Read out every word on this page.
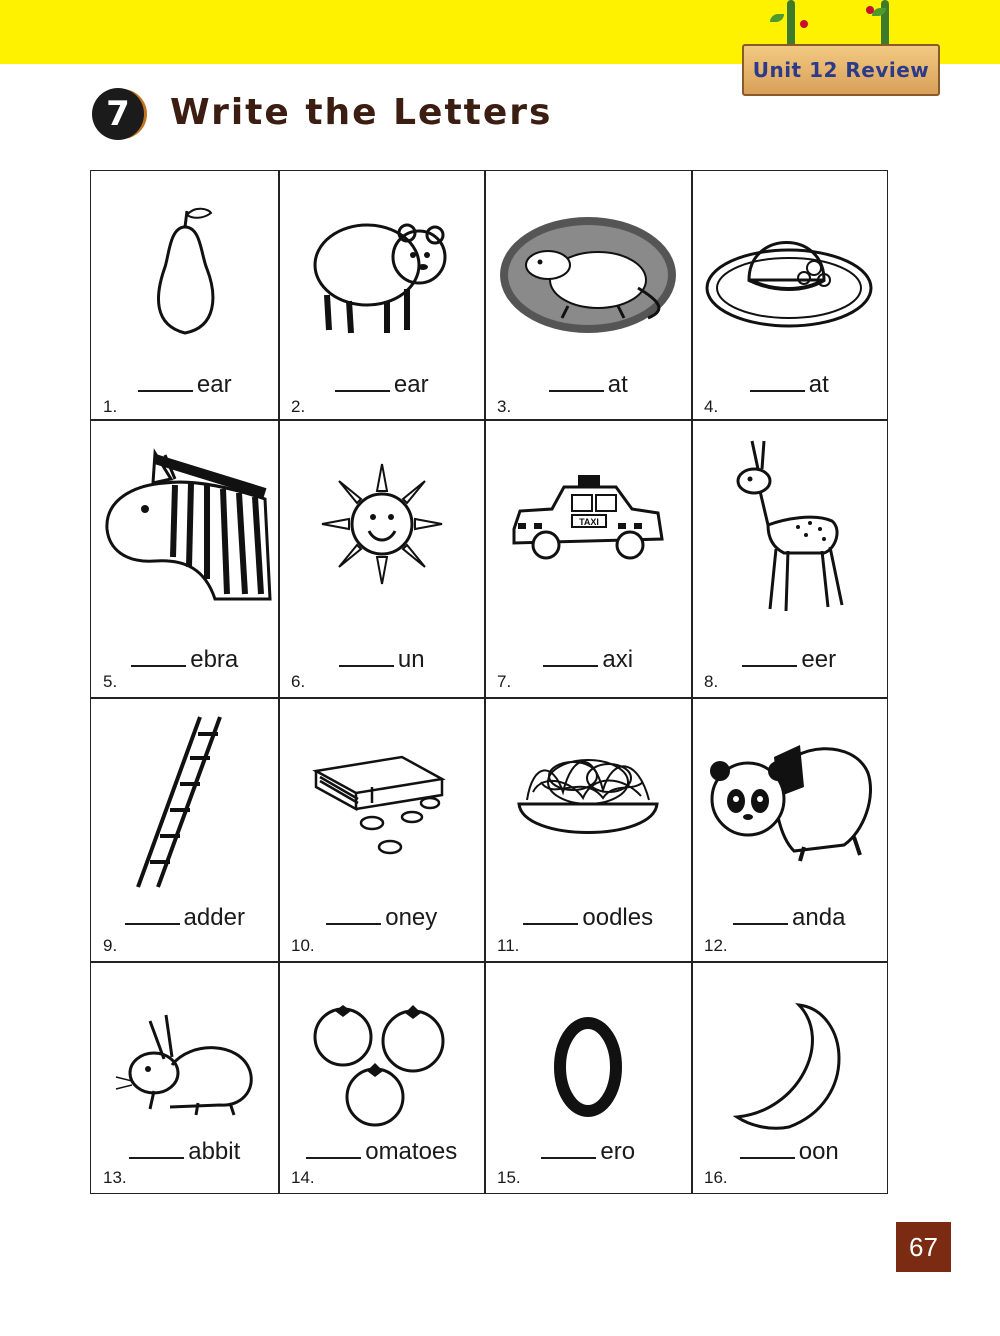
Unit 12 Review
7	Write the Letters
ear
1.
ear
2.
at
3.
at
4.
ebra
5.
un
6.
TAXI
axi
7.
eer
8.
adder
9.
oney
10.
oodles
11.
anda
12.
abbit
13.
omatoes
14.
ero
15.
oon
16.
67
